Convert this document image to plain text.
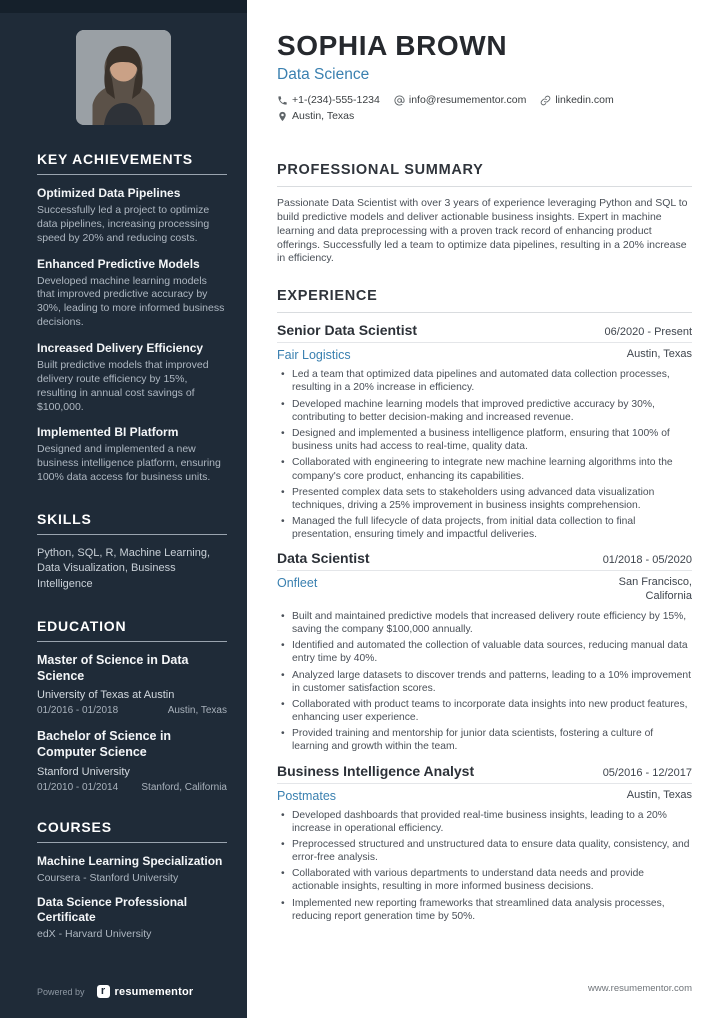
KEY ACHIEVEMENTS
Optimized Data Pipelines
Successfully led a project to optimize data pipelines, increasing processing speed by 20% and reducing costs.
Enhanced Predictive Models
Developed machine learning models that improved predictive accuracy by 30%, leading to more informed business decisions.
Increased Delivery Efficiency
Built predictive models that improved delivery route efficiency by 15%, resulting in annual cost savings of $100,000.
Implemented BI Platform
Designed and implemented a new business intelligence platform, ensuring 100% data access for business units.
SKILLS
Python, SQL, R, Machine Learning, Data Visualization, Business Intelligence
EDUCATION
Master of Science in Data Science
University of Texas at Austin
01/2016 - 01/2018	Austin, Texas
Bachelor of Science in Computer Science
Stanford University
01/2010 - 01/2014 Stanford, California
COURSES
Machine Learning Specialization
Coursera - Stanford University
Data Science Professional Certificate
edX - Harvard University
Powered by	r resumementor
SOPHIA BROWN
Data Science
+1-(234)-555-1234	info@resumementor.com	linkedin.com
Austin, Texas
PROFESSIONAL SUMMARY

Passionate Data Scientist with over 3 years of experience leveraging Python and SQL to build predictive models and deliver actionable business insights. Expert in machine learning and data preprocessing with a proven track record of enhancing product offerings. Successfully led a team to optimize data pipelines, resulting in a 20% increase in efficiency.

EXPERIENCE
Senior Data Scientist	06/2020 - Present
Fair Logistics	Austin, Texas
• Led a team that optimized data pipelines and automated data collection processes, resulting in a 20% increase in efficiency.
• Developed machine learning models that improved predictive accuracy by 30%, contributing to better decision-making and increased revenue.
• Designed and implemented a business intelligence platform, ensuring that 100% of business units had access to real-time, quality data.
• Collaborated with engineering to integrate new machine learning algorithms into the company's core product, enhancing its capabilities.
• Presented complex data sets to stakeholders using advanced data visualization techniques, driving a 25% improvement in business insights comprehension.
• Managed the full lifecycle of data projects, from initial data collection to final presentation, ensuring timely and impactful deliveries.
Data Scientist	01/2018 - 05/2020
Onfleet	San Francisco, California
• Built and maintained predictive models that increased delivery route efficiency by 15%, saving the company $100,000 annually.
• Identified and automated the collection of valuable data sources, reducing manual data entry time by 40%.
• Analyzed large datasets to discover trends and patterns, leading to a 10% improvement in customer satisfaction scores.
• Collaborated with product teams to incorporate data insights into new product features, enhancing user experience.
• Provided training and mentorship for junior data scientists, fostering a culture of learning and growth within the team.
Business Intelligence Analyst	05/2016 - 12/2017
Postmates	Austin, Texas
• Developed dashboards that provided real-time business insights, leading to a 20% increase in operational efficiency.
• Preprocessed structured and unstructured data to ensure data quality, consistency, and error-free analysis.
• Collaborated with various departments to understand data needs and provide actionable insights, resulting in more informed business decisions.
• Implemented new reporting frameworks that streamlined data analysis processes, reducing report generation time by 50%.
www.resumementor.com
